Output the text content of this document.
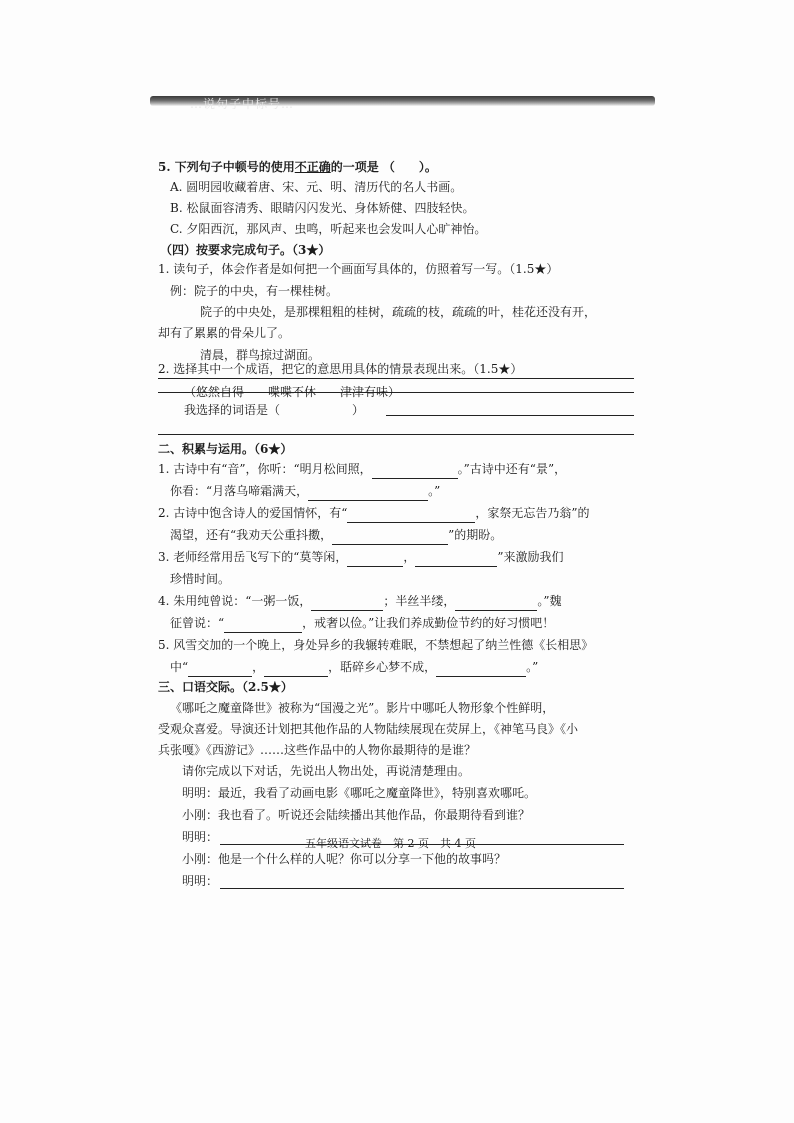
…说句子中标号…
5. 下列句子中顿号的使用不正确的一项是 （　　）。
A. 圆明园收藏着唐、宋、元、明、清历代的名人书画。
B. 松鼠面容清秀、眼睛闪闪发光、身体矫健、四肢轻快。
C. 夕阳西沉，那风声、虫鸣，听起来也会发叫人心旷神怡。
（四）按要求完成句子。（3★）
1. 读句子，体会作者是如何把一个画面写具体的，仿照着写一写。（1.5★）
例：院子的中央，有一棵桂树。
院子的中央处，是那棵粗粗的桂树，疏疏的枝，疏疏的叶，桂花还没有开，
却有了累累的骨朵儿了。
清晨，群鸟掠过湖面。
2. 选择其中一个成语，把它的意思用具体的情景表现出来。（1.5★）
（悠然自得　　喋喋不休　　津津有味）
我选择的词语是（　　　　　　）
二、积累与运用。（6★）
1. 古诗中有“音”，你听：“明月松间照，	。”古诗中还有“景”，
你看：“月落乌啼霜满天，	。”
2. 古诗中饱含诗人的爱国情怀，有“	，家祭无忘告乃翁”的
渴望，还有“我劝天公重抖擞，	”的期盼。
3. 老师经常用岳飞写下的“莫等闲，	，	”来激励我们
珍惜时间。
4. 朱用纯曾说：“一粥一饭，	；半丝半缕，	。”魏
征曾说：“	，戒奢以俭。”让我们养成勤俭节约的好习惯吧！
5. 风雪交加的一个晚上，身处异乡的我辗转难眠，不禁想起了纳兰性德《长相思》
中“	，	，聒碎乡心梦不成，	。”
三、口语交际。（2.5★）
《哪吒之魔童降世》被称为“国漫之光”。影片中哪吒人物形象个性鲜明，
受观众喜爱。导演还计划把其他作品的人物陆续展现在荧屏上，《神笔马良》《小
兵张嘎》《西游记》……这些作品中的人物你最期待的是谁？
请你完成以下对话，先说出人物出处，再说清楚理由。
明明：最近，我看了动画电影《哪吒之魔童降世》，特别喜欢哪吒。
小刚：我也看了。听说还会陆续播出其他作品，你最期待看到谁？
明明：
小刚：他是一个什么样的人呢？你可以分享一下他的故事吗？
明明：
五年级语文试卷　第 2 页　共 4 页
